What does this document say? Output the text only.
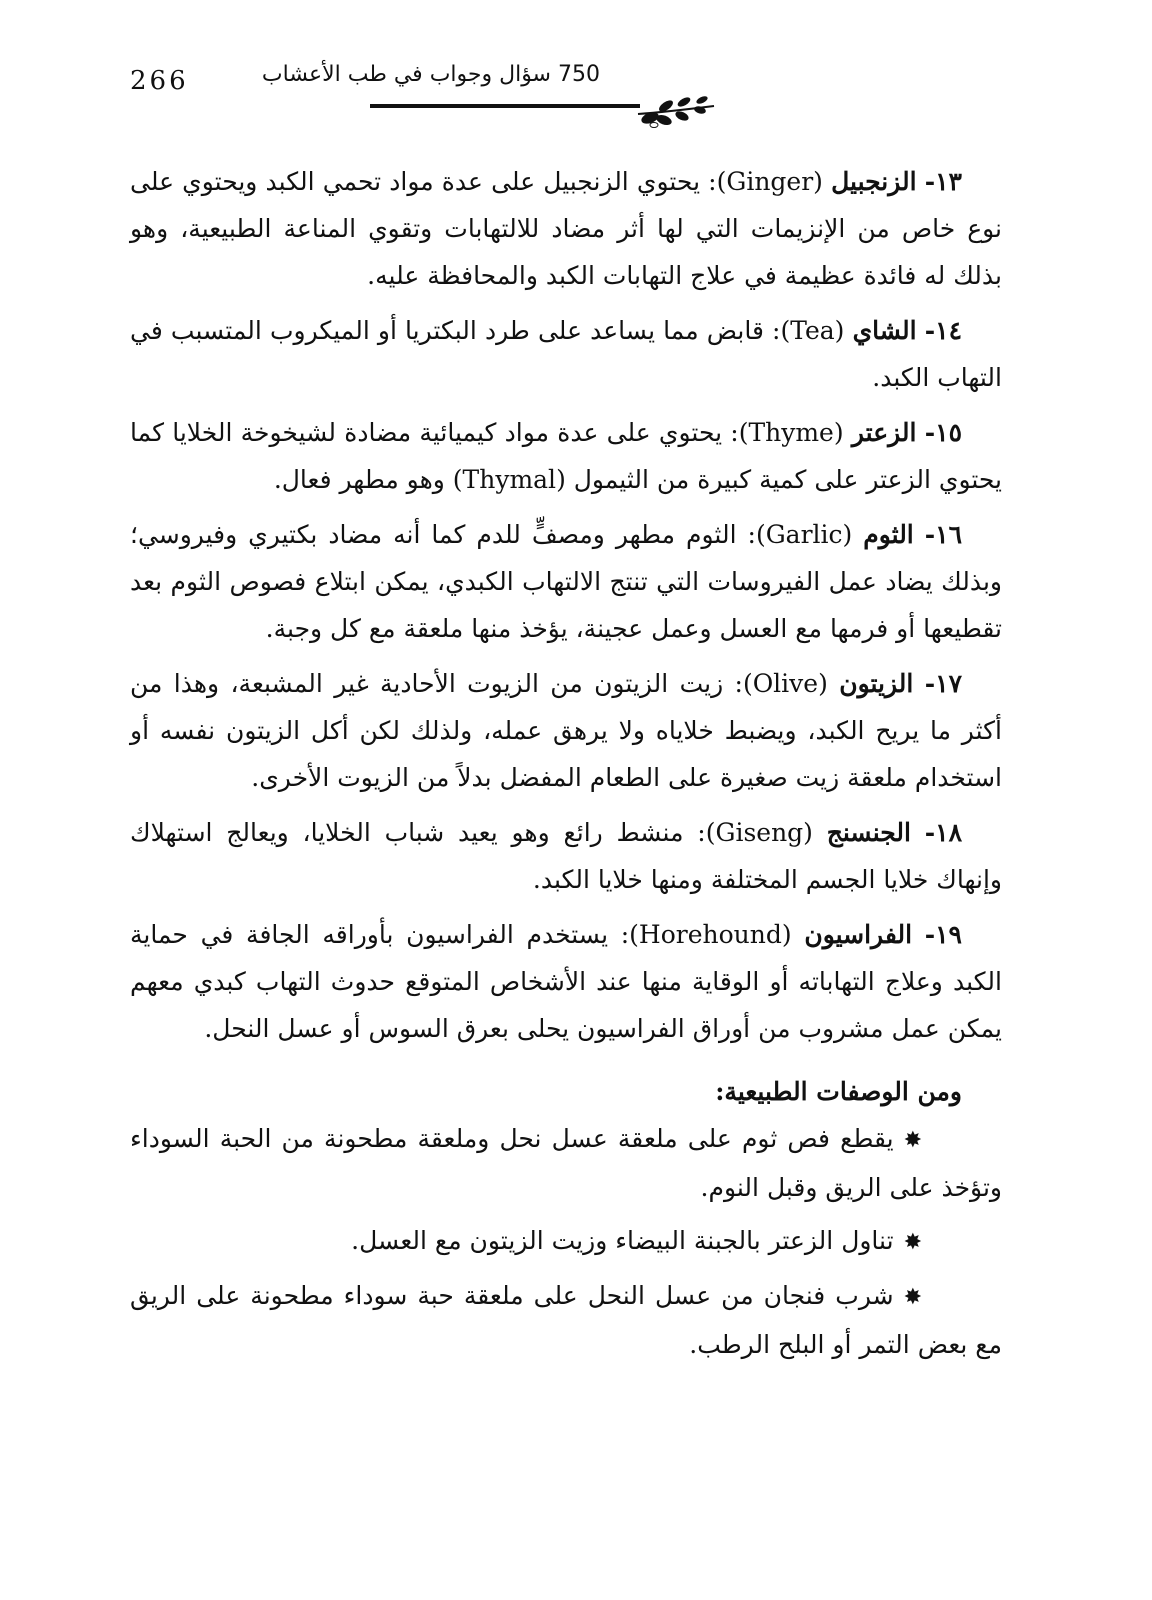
750 سؤال وجواب في طب الأعشاب
266

١٣- الزنجبيل (Ginger): يحتوي الزنجبيل على عدة مواد تحمي الكبد ويحتوي على نوع خاص من الإنزيمات التي لها أثر مضاد للالتهابات وتقوي المناعة الطبيعية، وهو بذلك له فائدة عظيمة في علاج التهابات الكبد والمحافظة عليه.

١٤- الشاي (Tea): قابض مما يساعد على طرد البكتريا أو الميكروب المتسبب في التهاب الكبد.

١٥- الزعتر (Thyme): يحتوي على عدة مواد كيميائية مضادة لشيخوخة الخلايا كما يحتوي الزعتر على كمية كبيرة من الثيمول (Thymal) وهو مطهر فعال.

١٦- الثوم (Garlic): الثوم مطهر ومصفٍّ للدم كما أنه مضاد بكتيري وفيروسي؛ وبذلك يضاد عمل الفيروسات التي تنتج الالتهاب الكبدي، يمكن ابتلاع فصوص الثوم بعد تقطيعها أو فرمها مع العسل وعمل عجينة، يؤخذ منها ملعقة مع كل وجبة.

١٧- الزيتون (Olive): زيت الزيتون من الزيوت الأحادية غير المشبعة، وهذا من أكثر ما يريح الكبد، ويضبط خلاياه ولا يرهق عمله، ولذلك لكن أكل الزيتون نفسه أو استخدام ملعقة زيت صغيرة على الطعام المفضل بدلاً من الزيوت الأخرى.

١٨- الجنسنج (Giseng): منشط رائع وهو يعيد شباب الخلايا، ويعالج استهلاك وإنهاك خلايا الجسم المختلفة ومنها خلايا الكبد.

١٩- الفراسيون (Horehound): يستخدم الفراسيون بأوراقه الجافة في حماية الكبد وعلاج التهاباته أو الوقاية منها عند الأشخاص المتوقع حدوث التهاب كبدي معهم يمكن عمل مشروب من أوراق الفراسيون يحلى بعرق السوس أو عسل النحل.

ومن الوصفات الطبيعية:

✸يقطع فص ثوم على ملعقة عسل نحل وملعقة مطحونة من الحبة السوداء وتؤخذ على الريق وقبل النوم.

✸تناول الزعتر بالجبنة البيضاء وزيت الزيتون مع العسل.

✸شرب فنجان من عسل النحل على ملعقة حبة سوداء مطحونة على الريق مع بعض التمر أو البلح الرطب.
